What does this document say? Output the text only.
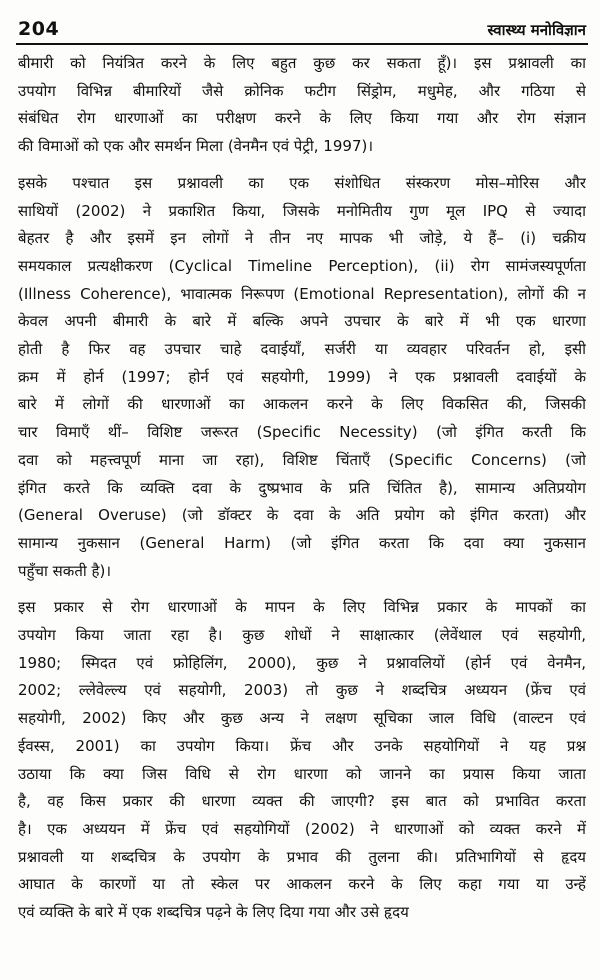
204	स्वास्थ्य मनोविज्ञान
बीमारी को नियंत्रित करने के लिए बहुत कुछ कर सकता हूँ)। इस प्रश्नावली का
उपयोग विभिन्न बीमारियों जैसे क्रोनिक फटीग सिंड्रोम, मधुमेह, और गठिया से
संबंधित रोग धारणाओं का परीक्षण करने के लिए किया गया और रोग संज्ञान
की विमाओं को एक और समर्थन मिला (वेनमैन एवं पेट्री, 1997)।
इसके पश्चात इस प्रश्नावली का एक संशोधित संस्करण मोस–मोरिस और
साथियों (2002) ने प्रकाशित किया, जिसके मनोमितीय गुण मूल IPQ से ज्यादा
बेहतर है और इसमें इन लोगों ने तीन नए मापक भी जोड़े, ये हैं– (i) चक्रीय
समयकाल प्रत्यक्षीकरण (Cyclical Timeline Perception), (ii) रोग सामंजस्यपूर्णता
(Illness Coherence), भावात्मक निरूपण (Emotional Representation), लोगों की न
केवल अपनी बीमारी के बारे में बल्कि अपने उपचार के बारे में भी एक धारणा
होती है फिर वह उपचार चाहे दवाईयाँ, सर्जरी या व्यवहार परिवर्तन हो, इसी
क्रम में होर्न (1997; होर्न एवं सहयोगी, 1999) ने एक प्रश्नावली दवाईयों के
बारे में लोगों की धारणाओं का आकलन करने के लिए विकसित की, जिसकी
चार विमाएँ थीं– विशिष्ट जरूरत (Specific Necessity) (जो इंगित करती कि
दवा को महत्त्वपूर्ण माना जा रहा), विशिष्ट चिंताएँ (Specific Concerns) (जो
इंगित करते कि व्यक्ति दवा के दुष्प्रभाव के प्रति चिंतित है), सामान्य अतिप्रयोग
(General Overuse) (जो डॉक्टर के दवा के अति प्रयोग को इंगित करता) और
सामान्य नुकसान (General Harm) (जो इंगित करता कि दवा क्या नुकसान
पहुँचा सकती है)।
इस प्रकार से रोग धारणाओं के मापन के लिए विभिन्न प्रकार के मापकों का
उपयोग किया जाता रहा है। कुछ शोधों ने साक्षात्कार (लेवेंथाल एवं सहयोगी,
1980; स्मिदत एवं फ्रोहिलिंग, 2000), कुछ ने प्रश्नावलियों (होर्न एवं वेनमैन,
2002; ल्लेवेल्ल्य एवं सहयोगी, 2003) तो कुछ ने शब्दचित्र अध्ययन (फ्रेंच एवं
सहयोगी, 2002) किए और कुछ अन्य ने लक्षण सूचिका जाल विधि (वाल्टन एवं
ईवस्स, 2001) का उपयोग किया। फ्रेंच और उनके सहयोगियों ने यह प्रश्न
उठाया कि क्या जिस विधि से रोग धारणा को जानने का प्रयास किया जाता
है, वह किस प्रकार की धारणा व्यक्त की जाएगी? इस बात को प्रभावित करता
है। एक अध्ययन में फ्रेंच एवं सहयोगियों (2002) ने धारणाओं को व्यक्त करने में
प्रश्नावली या शब्दचित्र के उपयोग के प्रभाव की तुलना की। प्रतिभागियों से हृदय
आघात के कारणों या तो स्केल पर आकलन करने के लिए कहा गया या उन्हें
एवं व्यक्ति के बारे में एक शब्दचित्र पढ़ने के लिए दिया गया और उसे हृदय
